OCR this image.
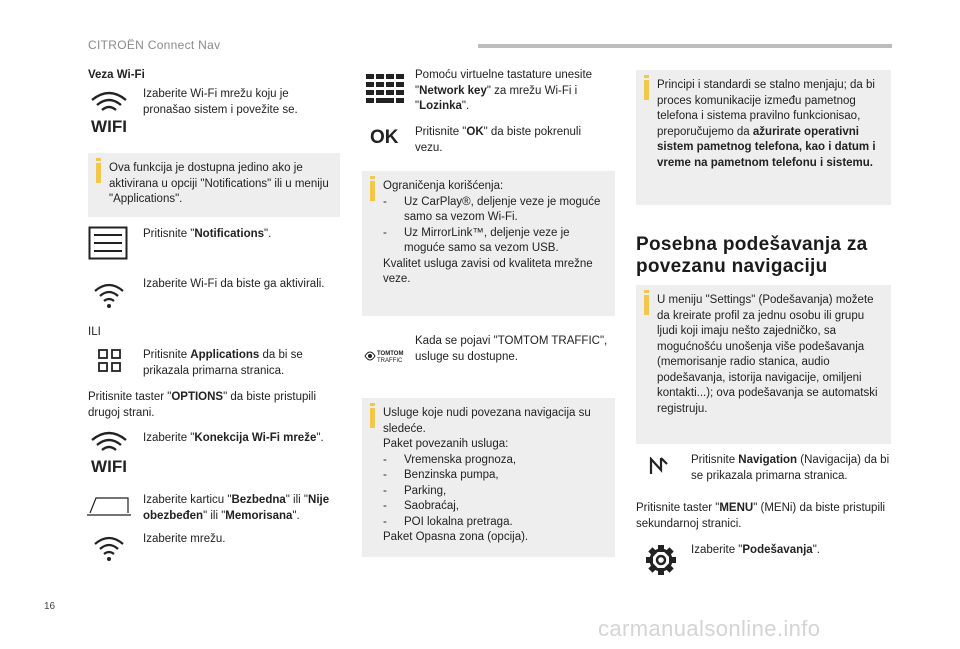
CITROËN Connect Nav
Veza Wi-Fi
WIFI
Izaberite Wi-Fi mrežu koju je pronašao sistem i povežite se.
Ova funkcija je dostupna jedino ako je aktivirana u opciji "Notifications" ili u meniju "Applications".
Pritisnite "Notifications".
Izaberite Wi-Fi da biste ga aktivirali.
ILI
Pritisnite Applications da bi se prikazala primarna stranica.
Pritisnite taster "OPTIONS" da biste pristupili drugoj strani.
WIFI
Izaberite "Konekcija Wi-Fi mreže".
Izaberite karticu "Bezbedna" ili "Nije obezbeđen" ili "Memorisana".
Izaberite mrežu.
Pomoću virtuelne tastature unesite "Network key" za mrežu Wi-Fi i "Lozinka".
OK Pritisnite "OK" da biste pokrenuli vezu.
Ograničenja korišćenja:
-	Uz CarPlay®, deljenje veze je moguće samo sa vezom Wi-Fi.
-	Uz MirrorLink™, deljenje veze je moguće samo sa vezom USB.
Kvalitet usluga zavisi od kvaliteta mrežne veze.
TOMTOM
TRAFFIC
Kada se pojavi "TOMTOM TRAFFIC", usluge su dostupne.
Usluge koje nudi povezana navigacija su sledeće.
Paket povezanih usluga:
-	Vremenska prognoza,
-	Benzinska pumpa,
-	Parking,
-	Saobraćaj,
-	POI lokalna pretraga.
Paket Opasna zona (opcija).
Principi i standardi se stalno menjaju; da bi proces komunikacije između pametnog telefona i sistema pravilno funkcionisao, preporučujemo da ažurirate operativni sistem pametnog telefona, kao i datum i vreme na pametnom telefonu i sistemu.
Posebna podešavanja za
povezanu navigaciju
U meniju "Settings" (Podešavanja) možete da kreirate profil za jednu osobu ili grupu ljudi koji imaju nešto zajedničko, sa mogućnošću unošenja više podešavanja (memorisanje radio stanica, audio podešavanja, istorija navigacije, omiljeni kontakti...); ova podešavanja se automatski registruju.
Pritisnite Navigation (Navigacija) da bi se prikazala primarna stranica.
Pritisnite taster "MENU" (MENi) da biste pristupili sekundarnoj stranici.
Izaberite "Podešavanja".
16
carmanualsonline.info
